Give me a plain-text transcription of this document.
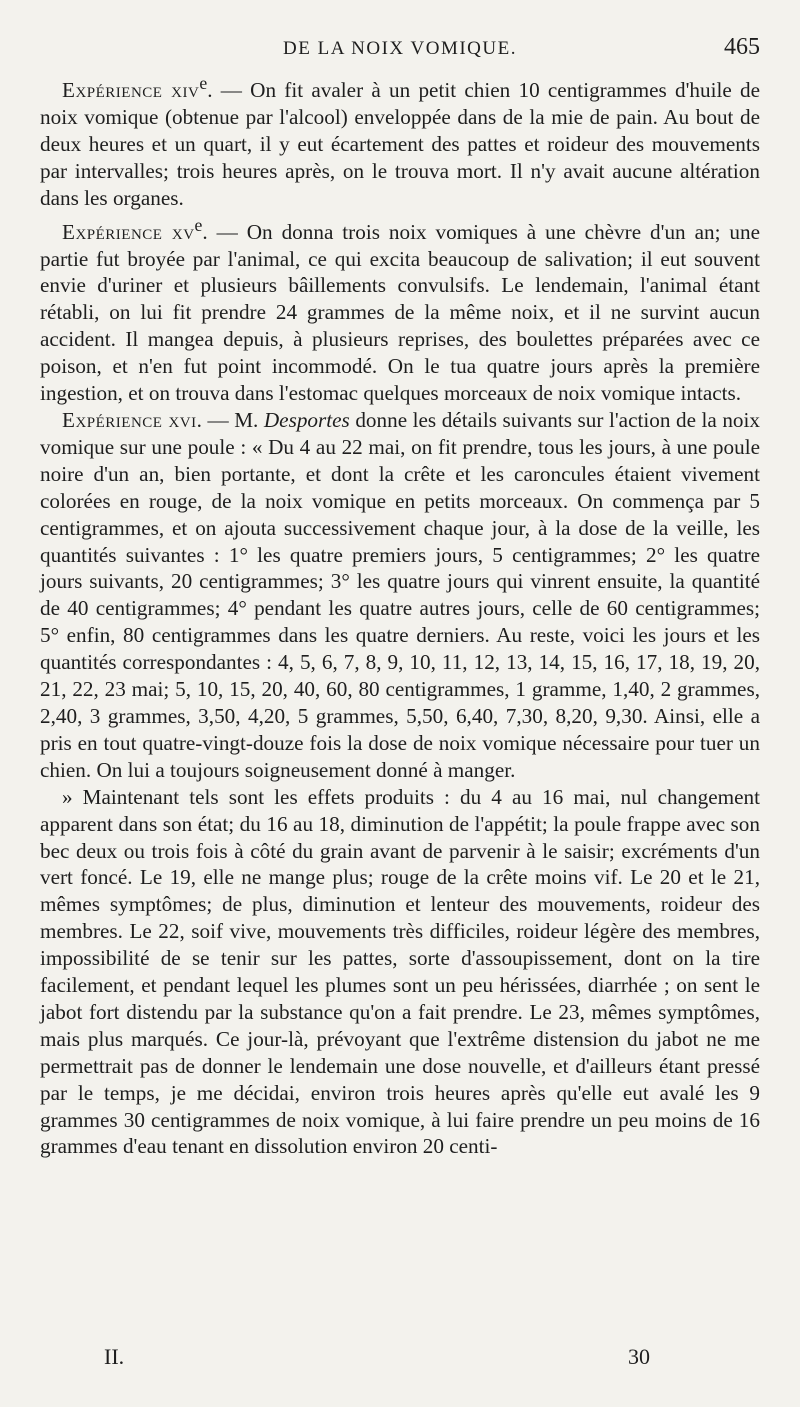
DE LA NOIX VOMIQUE.	465

Expérience xiv$^e$. — On fit avaler à un petit chien 10 centigrammes d'huile de noix vomique (obtenue par l'alcool) enveloppée dans de la mie de pain. Au bout de deux heures et un quart, il y eut écartement des pattes et roideur des mouvements par intervalles; trois heures après, on le trouva mort. Il n'y avait aucune altération dans les organes.

Expérience $xv^e$. — On donna trois noix vomiques à une chèvre d'un an; une partie fut broyée par l'animal, ce qui excita beaucoup de salivation; il eut souvent envie d'uriner et plusieurs bâillements convulsifs. Le lendemain, l'animal étant rétabli, on lui fit prendre 24 grammes de la même noix, et il ne survint aucun accident. Il mangea depuis, à plusieurs reprises, des boulettes préparées avec ce poison, et n'en fut point incommodé. On le tua quatre jours après la première ingestion, et on trouva dans l'estomac quelques morceaux de noix vomique intacts.

Expérience xvi. — M. Desportes donne les détails suivants sur l'action de la noix vomique sur une poule : « Du 4 au 22 mai, on fit prendre, tous les jours, à une poule noire d'un an, bien portante, et dont la crête et les caroncules étaient vivement colorées en rouge, de la noix vomique en petits morceaux. On commença par 5 centigrammes, et on ajouta successivement chaque jour, à la dose de la veille, les quantités suivantes : 1° les quatre premiers jours, 5 centigrammes; 2° les quatre jours suivants, 20 centigrammes; 3° les quatre jours qui vinrent ensuite, la quantité de 40 centigrammes; 4° pendant les quatre autres jours, celle de 60 centigrammes; 5° enfin, 80 centigrammes dans les quatre derniers. Au reste, voici les jours et les quantités correspondantes : 4, 5, 6, 7, 8, 9, 10, 11, 12, 13, 14, 15, 16, 17, 18, 19, 20, 21, 22, 23 mai; 5, 10, 15, 20, 40, 60, 80 centigrammes, 1 gramme, 1,40, 2 grammes, 2,40, 3 grammes, 3,50, 4,20, 5 grammes, 5,50, 6,40, 7,30, 8,20, 9,30. Ainsi, elle a pris en tout quatre-vingt-douze fois la dose de noix vomique nécessaire pour tuer un chien. On lui a toujours soigneusement donné à manger.

» Maintenant tels sont les effets produits : du 4 au 16 mai, nul changement apparent dans son état; du 16 au 18, diminution de l'appétit; la poule frappe avec son bec deux ou trois fois à côté du grain avant de parvenir à le saisir; excréments d'un vert foncé. Le 19, elle ne mange plus; rouge de la crête moins vif. Le 20 et le 21, mêmes symptômes; de plus, diminution et lenteur des mouvements, roideur des membres. Le 22, soif vive, mouvements très difficiles, roideur légère des membres, impossibilité de se tenir sur les pattes, sorte d'assoupissement, dont on la tire facilement, et pendant lequel les plumes sont un peu hérissées, diarrhée ; on sent le jabot fort distendu par la substance qu'on a fait prendre. Le 23, mêmes symptômes, mais plus marqués. Ce jour-là, prévoyant que l'extrême distension du jabot ne me permettrait pas de donner le lendemain une dose nouvelle, et d'ailleurs étant pressé par le temps, je me décidai, environ trois heures après qu'elle eut avalé les 9 grammes 30 centigrammes de noix vomique, à lui faire prendre un peu moins de 16 grammes d'eau tenant en dissolution environ 20 centi-

II.	30
